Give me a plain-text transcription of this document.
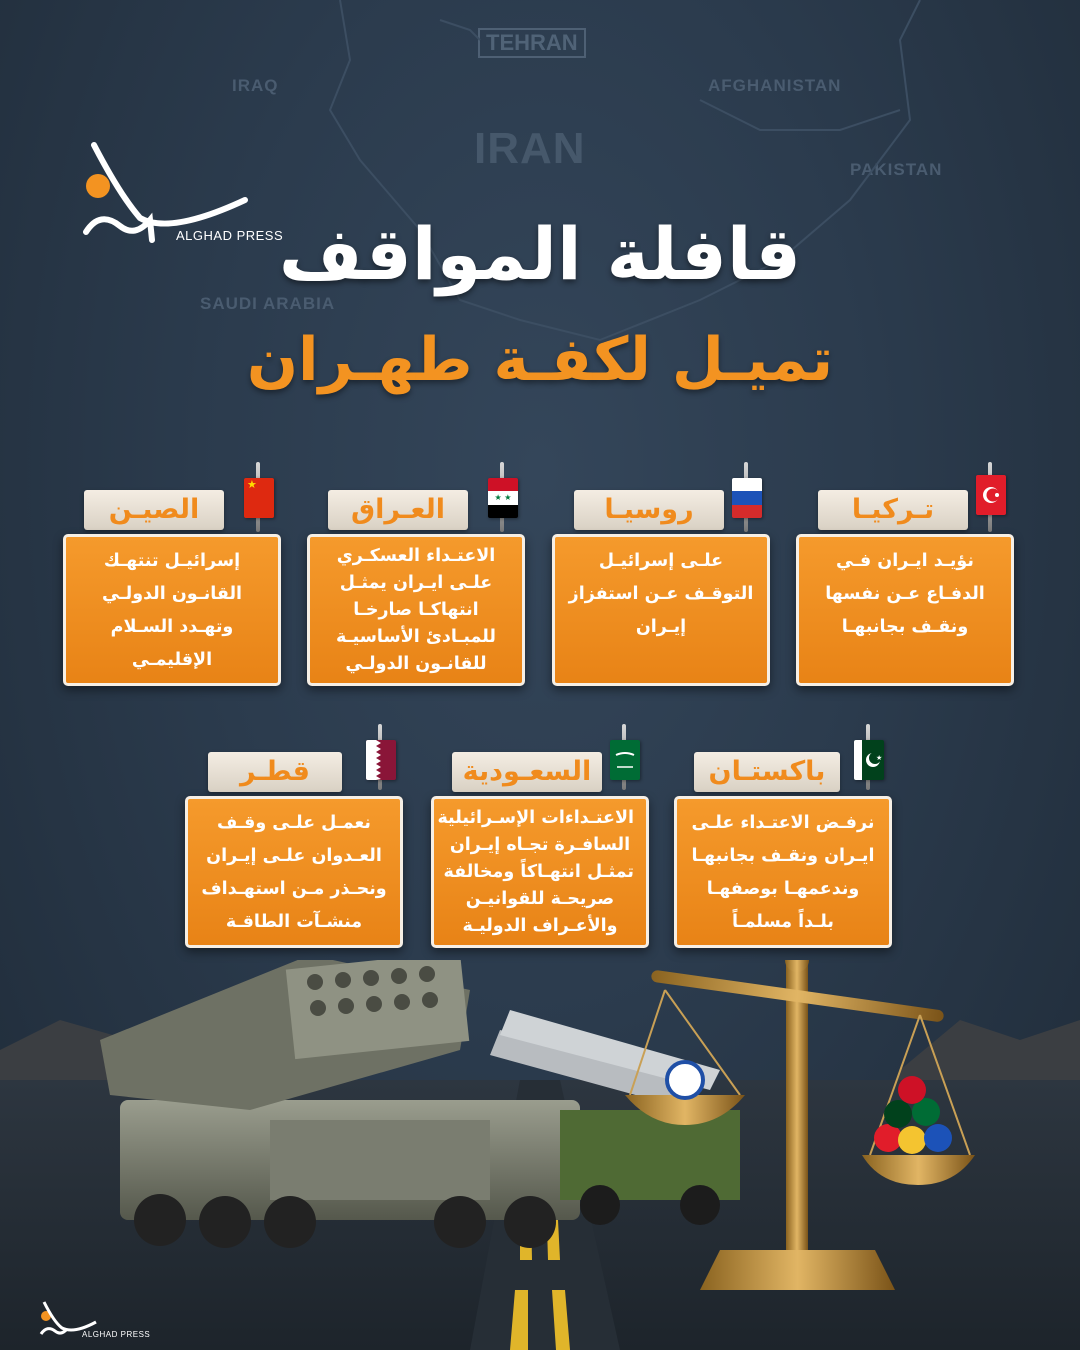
TEHRAN
IRAQ
IRAN
AFGHANISTAN
PAKISTAN
SAUDI ARABIA
ALGHAD PRESS
قافلة المواقف
تميـل لكفـة طهـران
تـركيـا
نؤيـد ايـران فـي
الدفـاع عـن نفسها
ونقـف بجانبهـا
روسيـا
علـى إسرائيـل
التوقـف عـن استفزاز
إيـران
★ ★
العـراق
الاعتـداء العسكـري
علـى ايـران يمثـل
انتهاكـا صارخـا
للمبـادئ الأساسيـة
للقانـون الدولـي
★
الصيـن
إسرائيـل تنتهـك
القانـون الدولـي
وتهـدد السـلام
الإقليمـي
★
باكستـان
نرفـض الاعتـداء علـى
ايـران ونقـف بجانبهـا
وندعمهـا بوصفهـا
بلـداً مسلمـاً
السعـودية
الاعتـداءات الإسـرائيلية
السافـرة تجـاه إيـران
تمثـل انتهـاكاً ومخالفة
صريحـة للقوانيـن
والأعـراف الدوليـة
قطـر
نعمـل علـى وقـف
العـدوان علـى إيـران
ونحـذر مـن استهـداف
منشـآت الطاقـة
ALGHAD PRESS
